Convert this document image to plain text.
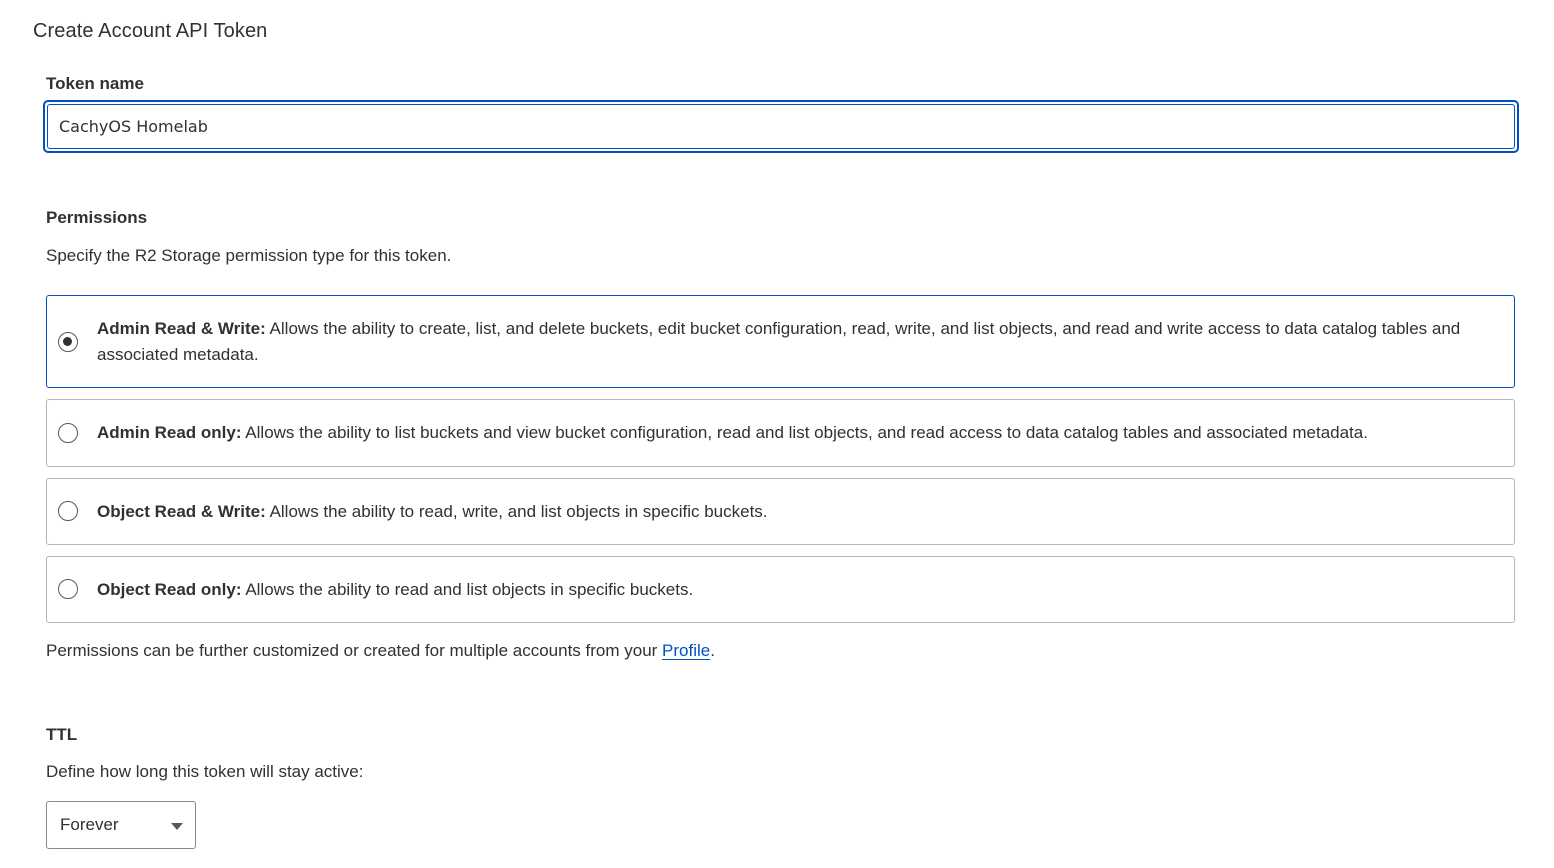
Create Account API Token
Token name
CachyOS Homelab
Permissions
Specify the R2 Storage permission type for this token.
Admin Read & Write: Allows the ability to create, list, and delete buckets, edit bucket configuration, read, write, and list objects, and read and write access to data catalog tables and associated metadata.
Admin Read only: Allows the ability to list buckets and view bucket configuration, read and list objects, and read access to data catalog tables and associated metadata.
Object Read & Write: Allows the ability to read, write, and list objects in specific buckets.
Object Read only: Allows the ability to read and list objects in specific buckets.
Permissions can be further customized or created for multiple accounts from your Profile.
TTL
Define how long this token will stay active:
Forever
